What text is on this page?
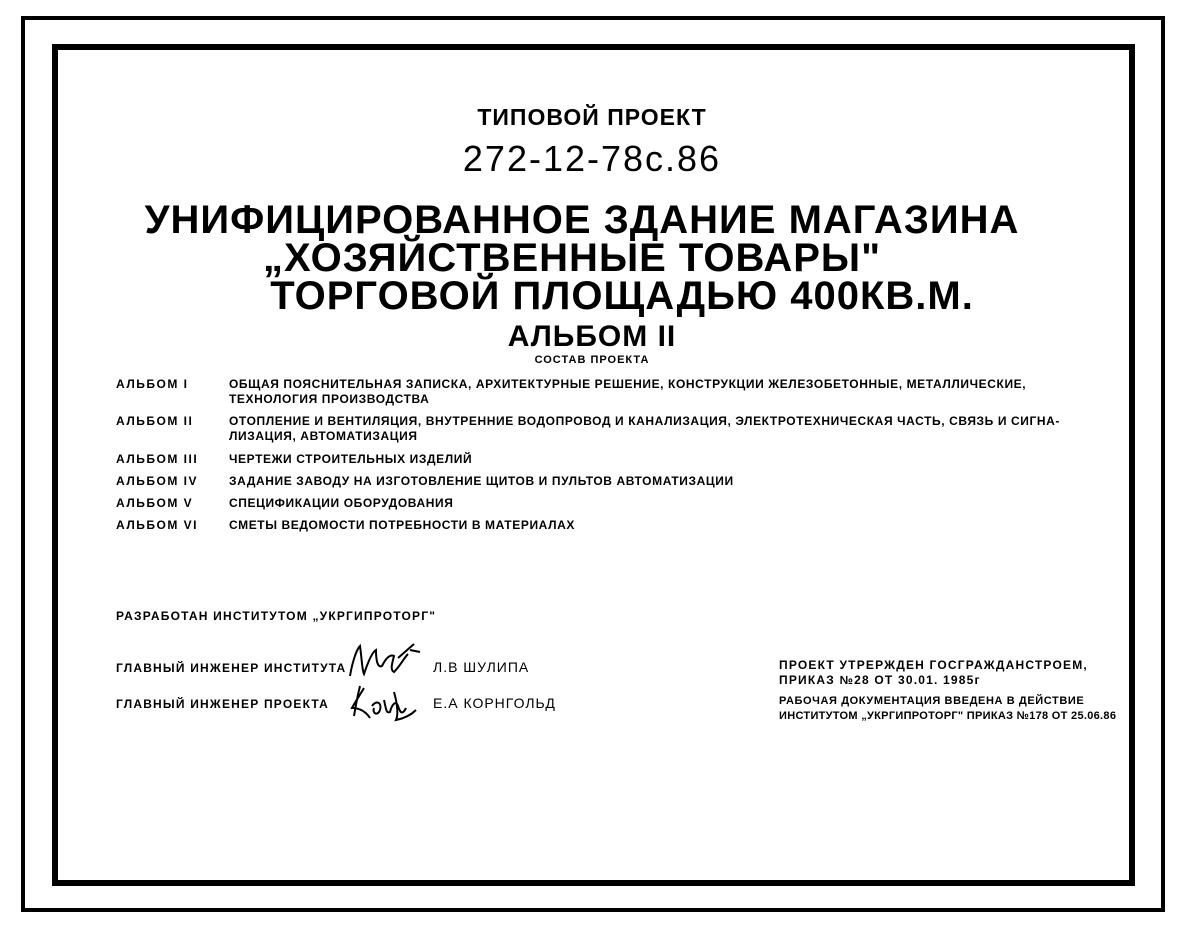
ТИПОВОЙ ПРОЕКТ
272-12-78с.86
УНИФИЦИРОВАННОЕ ЗДАНИЕ МАГАЗИНА
„ХОЗЯЙСТВЕННЫЕ ТОВАРЫ"
ТОРГОВОЙ ПЛОЩАДЬЮ 400КВ.М.
АЛЬБОМ II
СОСТАВ ПРОЕКТА
АЛЬБОМ I	ОБЩАЯ ПОЯСНИТЕЛЬНАЯ ЗАПИСКА, АРХИТЕКТУРНЫЕ РЕШЕНИЕ, КОНСТРУКЦИИ ЖЕЛЕЗОБЕТОННЫЕ, МЕТАЛЛИЧЕСКИЕ,
ТЕХНОЛОГИЯ ПРОИЗВОДСТВА
АЛЬБОМ II	ОТОПЛЕНИЕ И ВЕНТИЛЯЦИЯ, ВНУТРЕННИЕ ВОДОПРОВОД И КАНАЛИЗАЦИЯ, ЭЛЕКТРОТЕХНИЧЕСКАЯ ЧАСТЬ, СВЯЗЬ И СИГНА-
ЛИЗАЦИЯ, АВТОМАТИЗАЦИЯ
АЛЬБОМ III	ЧЕРТЕЖИ СТРОИТЕЛЬНЫХ ИЗДЕЛИЙ
АЛЬБОМ IV	ЗАДАНИЕ ЗАВОДУ НА ИЗГОТОВЛЕНИЕ ЩИТОВ И ПУЛЬТОВ АВТОМАТИЗАЦИИ
АЛЬБОМ V	СПЕЦИФИКАЦИИ ОБОРУДОВАНИЯ
АЛЬБОМ VI	СМЕТЫ ВЕДОМОСТИ ПОТРЕБНОСТИ В МАТЕРИАЛАХ
РАЗРАБОТАН ИНСТИТУТОМ „УКРГИПРОТОРГ"
ГЛАВНЫЙ ИНЖЕНЕР ИНСТИТУТА	Л.В ШУЛИПА
ГЛАВНЫЙ ИНЖЕНЕР ПРОЕКТА	Е.А КОРНГОЛЬД
ПРОЕКТ УТРЕРЖДЕН ГОСГРАЖДАНСТРОЕМ,
ПРИКАЗ №28 ОТ 30.01. 1985г
РАБОЧАЯ ДОКУМЕНТАЦИЯ ВВЕДЕНА В ДЕЙСТВИЕ
ИНСТИТУТОМ „УКРГИПРОТОРГ" ПРИКАЗ №178 ОТ 25.06.86
